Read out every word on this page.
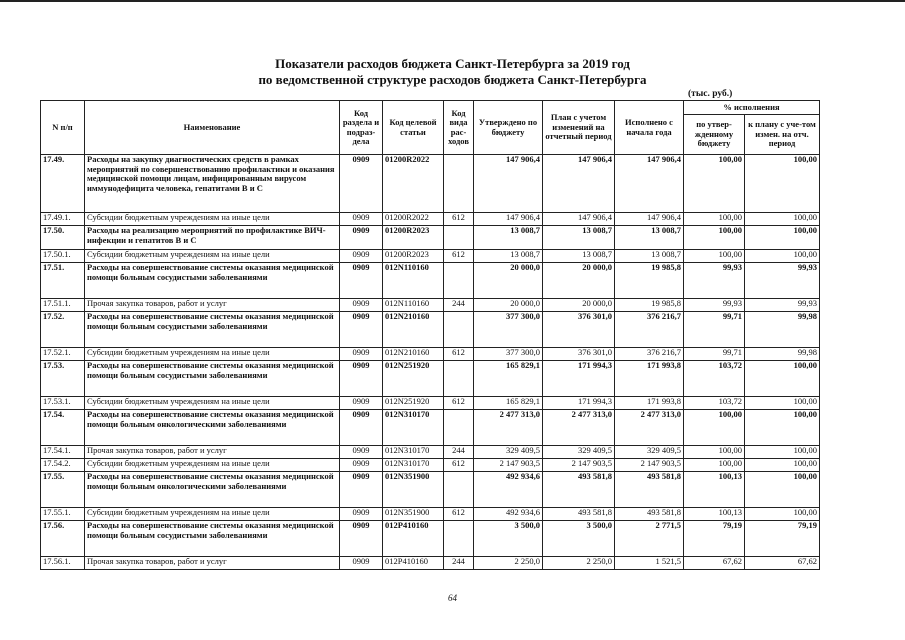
Показатели расходов бюджета Санкт-Петербурга за 2019 год
по ведомственной структуре расходов бюджета Санкт-Петербурга
(тыс. руб.)
N п/п	Наименование	Код раздела и подраз-дела	Код целевой статьи	Код вида рас-ходов	Утверждено по бюджету	План с учетом изменений на отчетный период	Исполнено с начала года	% исполнения	
								по утвер-жденному бюджету	к плану с уче-том измен. на отч. период
17.49.	Расходы на закупку диагностических средств в рамках мероприятий по совершенствованию профилактики и оказания медицинской помощи лицам, инфицированным вирусом иммунодефицита человека, гепатитами В и С	0909	01200R2022		147 906,4	147 906,4	147 906,4	100,00	100,00
17.49.1.	Субсидии бюджетным учреждениям на иные цели	0909	01200R2022	612	147 906,4	147 906,4	147 906,4	100,00	100,00
17.50.	Расходы на реализацию мероприятий по профилактике ВИЧ-инфекции и гепатитов В и С	0909	01200R2023		13 008,7	13 008,7	13 008,7	100,00	100,00
17.50.1.	Субсидии бюджетным учреждениям на иные цели	0909	01200R2023	612	13 008,7	13 008,7	13 008,7	100,00	100,00
17.51.	Расходы на совершенствование системы оказания медицинской помощи больным сосудистыми заболеваниями	0909	012N110160		20 000,0	20 000,0	19 985,8	99,93	99,93
17.51.1.	Прочая закупка товаров, работ и услуг	0909	012N110160	244	20 000,0	20 000,0	19 985,8	99,93	99,93
17.52.	Расходы на совершенствование системы оказания медицинской помощи больным сосудистыми заболеваниями	0909	012N210160		377 300,0	376 301,0	376 216,7	99,71	99,98
17.52.1.	Субсидии бюджетным учреждениям на иные цели	0909	012N210160	612	377 300,0	376 301,0	376 216,7	99,71	99,98
17.53.	Расходы на совершенствование системы оказания медицинской помощи больным сосудистыми заболеваниями	0909	012N251920		165 829,1	171 994,3	171 993,8	103,72	100,00
17.53.1.	Субсидии бюджетным учреждениям на иные цели	0909	012N251920	612	165 829,1	171 994,3	171 993,8	103,72	100,00
17.54.	Расходы на совершенствование системы оказания медицинской помощи больным онкологическими заболеваниями	0909	012N310170		2 477 313,0	2 477 313,0	2 477 313,0	100,00	100,00
17.54.1.	Прочая закупка товаров, работ и услуг	0909	012N310170	244	329 409,5	329 409,5	329 409,5	100,00	100,00
17.54.2.	Субсидии бюджетным учреждениям на иные цели	0909	012N310170	612	2 147 903,5	2 147 903,5	2 147 903,5	100,00	100,00
17.55.	Расходы на совершенствование системы оказания медицинской помощи больным онкологическими заболеваниями	0909	012N351900		492 934,6	493 581,8	493 581,8	100,13	100,00
17.55.1.	Субсидии бюджетным учреждениям на иные цели	0909	012N351900	612	492 934,6	493 581,8	493 581,8	100,13	100,00
17.56.	Расходы на совершенствование системы оказания медицинской помощи больным сосудистыми заболеваниями	0909	012P410160		3 500,0	3 500,0	2 771,5	79,19	79,19
17.56.1.	Прочая закупка товаров, работ и услуг	0909	012P410160	244	2 250,0	2 250,0	1 521,5	67,62	67,62
64
